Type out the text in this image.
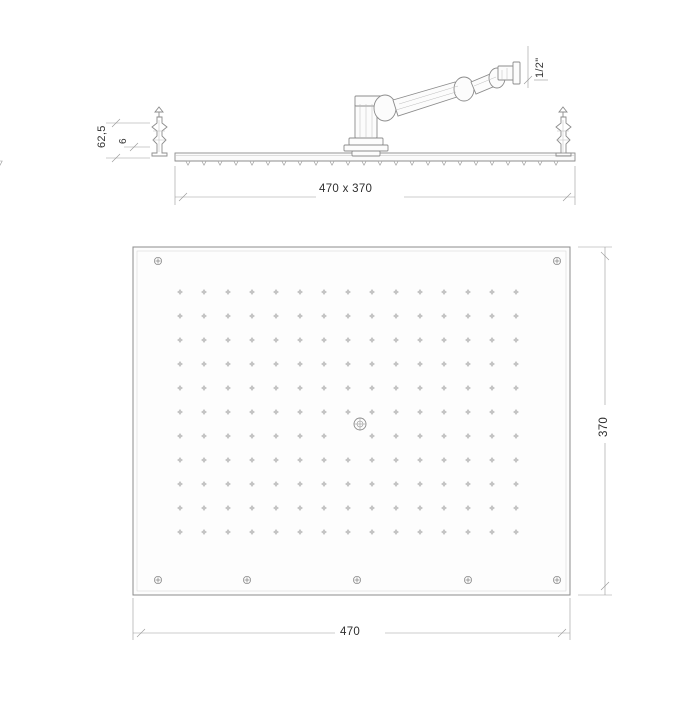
62,5 6
1/2"
470 x 370
370
470
